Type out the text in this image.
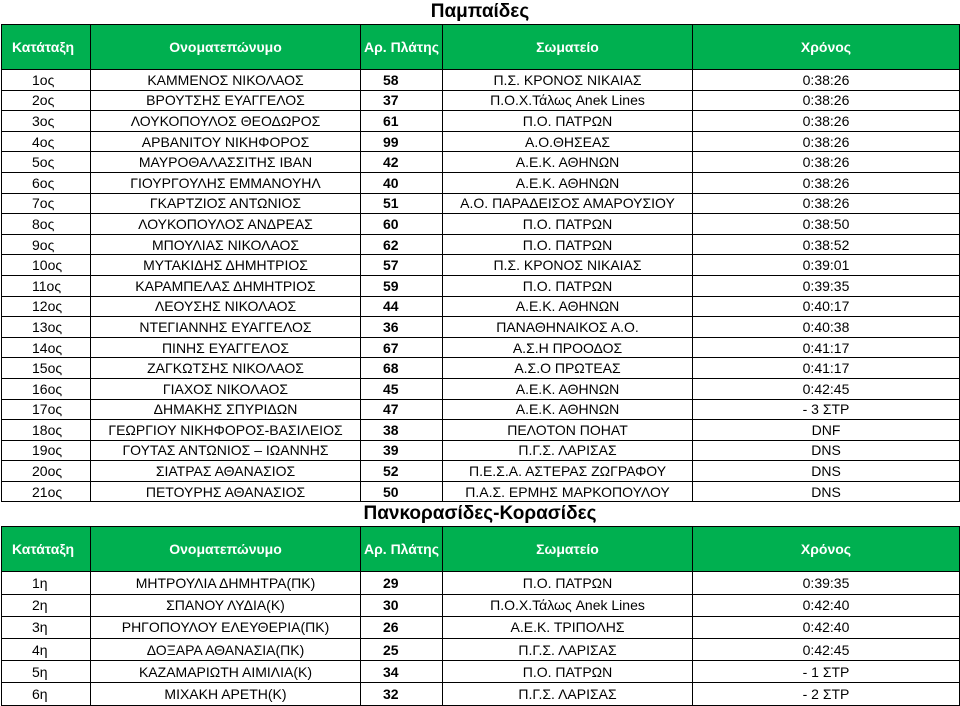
Παμπαίδες
Κατάταξη	Ονοματεπώνυμο	Αρ. Πλάτης	Σωματείο	Χρόνος
1ος	ΚΑΜΜΕΝΟΣ ΝΙΚΟΛΑΟΣ	58	Π.Σ. ΚΡΟΝΟΣ ΝΙΚΑΙΑΣ	0:38:26
2ος	ΒΡΟΥΤΣΗΣ ΕΥΑΓΓΕΛΟΣ	37	Π.Ο.Χ.Τάλως Anek Lines	0:38:26
3ος	ΛΟΥΚΟΠΟΥΛΟΣ ΘΕΟΔΩΡΟΣ	61	Π.Ο. ΠΑΤΡΩΝ	0:38:26
4ος	ΑΡΒΑΝΙΤΟΥ ΝΙΚΗΦΟΡΟΣ	99	Α.Ο.ΘΗΣΕΑΣ	0:38:26
5ος	ΜΑΥΡΟΘΑΛΑΣΣΙΤΗΣ ΙΒΑΝ	42	Α.Ε.Κ. ΑΘΗΝΩΝ	0:38:26
6ος	ΓΙΟΥΡΓΟΥΛΗΣ ΕΜΜΑΝΟΥΗΛ	40	Α.Ε.Κ. ΑΘΗΝΩΝ	0:38:26
7ος	ΓΚΑΡΤΖΙΟΣ ΑΝΤΩΝΙΟΣ	51	Α.Ο. ΠΑΡΑΔΕΙΣΟΣ ΑΜΑΡΟΥΣΙΟΥ	0:38:26
8ος	ΛΟΥΚΟΠΟΥΛΟΣ ΑΝΔΡΕΑΣ	60	Π.Ο. ΠΑΤΡΩΝ	0:38:50
9ος	ΜΠΟΥΛΙΑΣ ΝΙΚΟΛΑΟΣ	62	Π.Ο. ΠΑΤΡΩΝ	0:38:52
10ος	ΜΥΤΑΚΙΔΗΣ ΔΗΜΗΤΡΙΟΣ	57	Π.Σ. ΚΡΟΝΟΣ ΝΙΚΑΙΑΣ	0:39:01
11ος	ΚΑΡΑΜΠΕΛΑΣ ΔΗΜΗΤΡΙΟΣ	59	Π.Ο. ΠΑΤΡΩΝ	0:39:35
12ος	ΛΕΟΥΣΗΣ ΝΙΚΟΛΑΟΣ	44	Α.Ε.Κ. ΑΘΗΝΩΝ	0:40:17
13ος	ΝΤΕΓΙΑΝΝΗΣ ΕΥΑΓΓΕΛΟΣ	36	ΠΑΝΑΘΗΝΑΙΚΟΣ Α.Ο.	0:40:38
14ος	ΠΙΝΗΣ ΕΥΑΓΓΕΛΟΣ	67	Α.Σ.Η ΠΡΟΟΔΟΣ	0:41:17
15ος	ΖΑΓΚΩΤΣΗΣ ΝΙΚΟΛΑΟΣ	68	Α.Σ.Ο ΠΡΩΤΕΑΣ	0:41:17
16ος	ΓΙΑΧΟΣ ΝΙΚΟΛΑΟΣ	45	Α.Ε.Κ. ΑΘΗΝΩΝ	0:42:45
17ος	ΔΗΜΑΚΗΣ ΣΠΥΡΙΔΩΝ	47	Α.Ε.Κ. ΑΘΗΝΩΝ	- 3 ΣΤΡ
18ος	ΓΕΩΡΓΙΟΥ ΝΙΚΗΦΟΡΟΣ-ΒΑΣΙΛΕΙΟΣ	38	ΠΕΛΟΤΟΝ ΠΟΗΑΤ	DNF
19ος	ΓΟΥΤΑΣ ΑΝΤΩΝΙΟΣ – ΙΩΑΝΝΗΣ	39	Π.Γ.Σ. ΛΑΡΙΣΑΣ	DNS
20ος	ΣΙΑΤΡΑΣ ΑΘΑΝΑΣΙΟΣ	52	Π.Ε.Σ.Α. ΑΣΤΕΡΑΣ ΖΩΓΡΑΦΟΥ	DNS
21ος	ΠΕΤΟΥΡΗΣ ΑΘΑΝΑΣΙΟΣ	50	Π.Α.Σ. ΕΡΜΗΣ ΜΑΡΚΟΠΟΥΛΟΥ	DNS
Πανκορασίδες-Κορασίδες
Κατάταξη	Ονοματεπώνυμο	Αρ. Πλάτης	Σωματείο	Χρόνος
1η	ΜΗΤΡΟΥΛΙΑ ΔΗΜΗΤΡΑ(ΠΚ)	29	Π.Ο. ΠΑΤΡΩΝ	0:39:35
2η	ΣΠΑΝΟΥ ΛΥΔΙΑ(Κ)	30	Π.Ο.Χ.Τάλως Anek Lines	0:42:40
3η	ΡΗΓΟΠΟΥΛΟΥ ΕΛΕΥΘΕΡΙΑ(ΠΚ)	26	Α.Ε.Κ. ΤΡΙΠΟΛΗΣ	0:42:40
4η	ΔΟΞΑΡΑ ΑΘΑΝΑΣΙΑ(ΠΚ)	25	Π.Γ.Σ. ΛΑΡΙΣΑΣ	0:42:45
5η	ΚΑΖΑΜΑΡΙΩΤΗ ΑΙΜΙΛΙΑ(Κ)	34	Π.Ο. ΠΑΤΡΩΝ	- 1 ΣΤΡ
6η	ΜΙΧΑΚΗ ΑΡΕΤΗ(Κ)	32	Π.Γ.Σ. ΛΑΡΙΣΑΣ	- 2 ΣΤΡ
